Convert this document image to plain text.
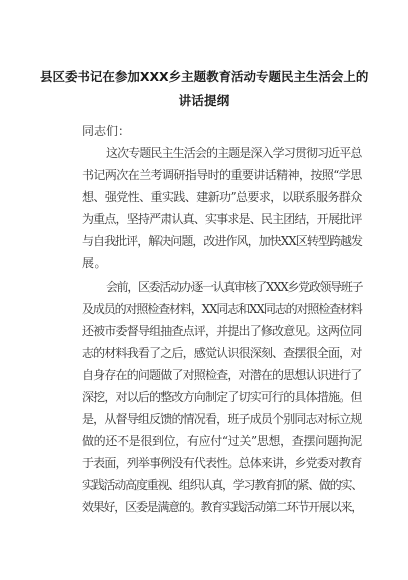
县区委书记在参加XXX乡主题教育活动专题民主生活会上的
讲话提纲
同志们：
这次专题民主生活会的主题是深入学习贯彻习近平总
书记两次在兰考调研指导时的重要讲话精神，按照“学思
想、强党性、重实践、建新功”总要求，以联系服务群众
为重点，坚持严肃认真、实事求是、民主团结，开展批评
与自我批评，解决问题，改进作风，加快XX区转型跨越发
展。
会前，区委活动办逐一认真审核了XXX乡党政领导班子
及成员的对照检查材料，XX同志和XX同志的对照检查材料
还被市委督导组抽查点评，并提出了修改意见。这两位同
志的材料我看了之后，感觉认识很深刻、查摆很全面，对
自身存在的问题做了对照检查，对潜在的思想认识进行了
深挖，对以后的整改方向制定了切实可行的具体措施。但
是，从督导组反馈的情况看，班子成员个别同志对标立规
做的还不是很到位，有应付“过关”思想，查摆问题拘泥
于表面，列举事例没有代表性。总体来讲，乡党委对教育
实践活动高度重视、组织认真，学习教育抓的紧、做的实、
效果好，区委是满意的。教育实践活动第二环节开展以来，
